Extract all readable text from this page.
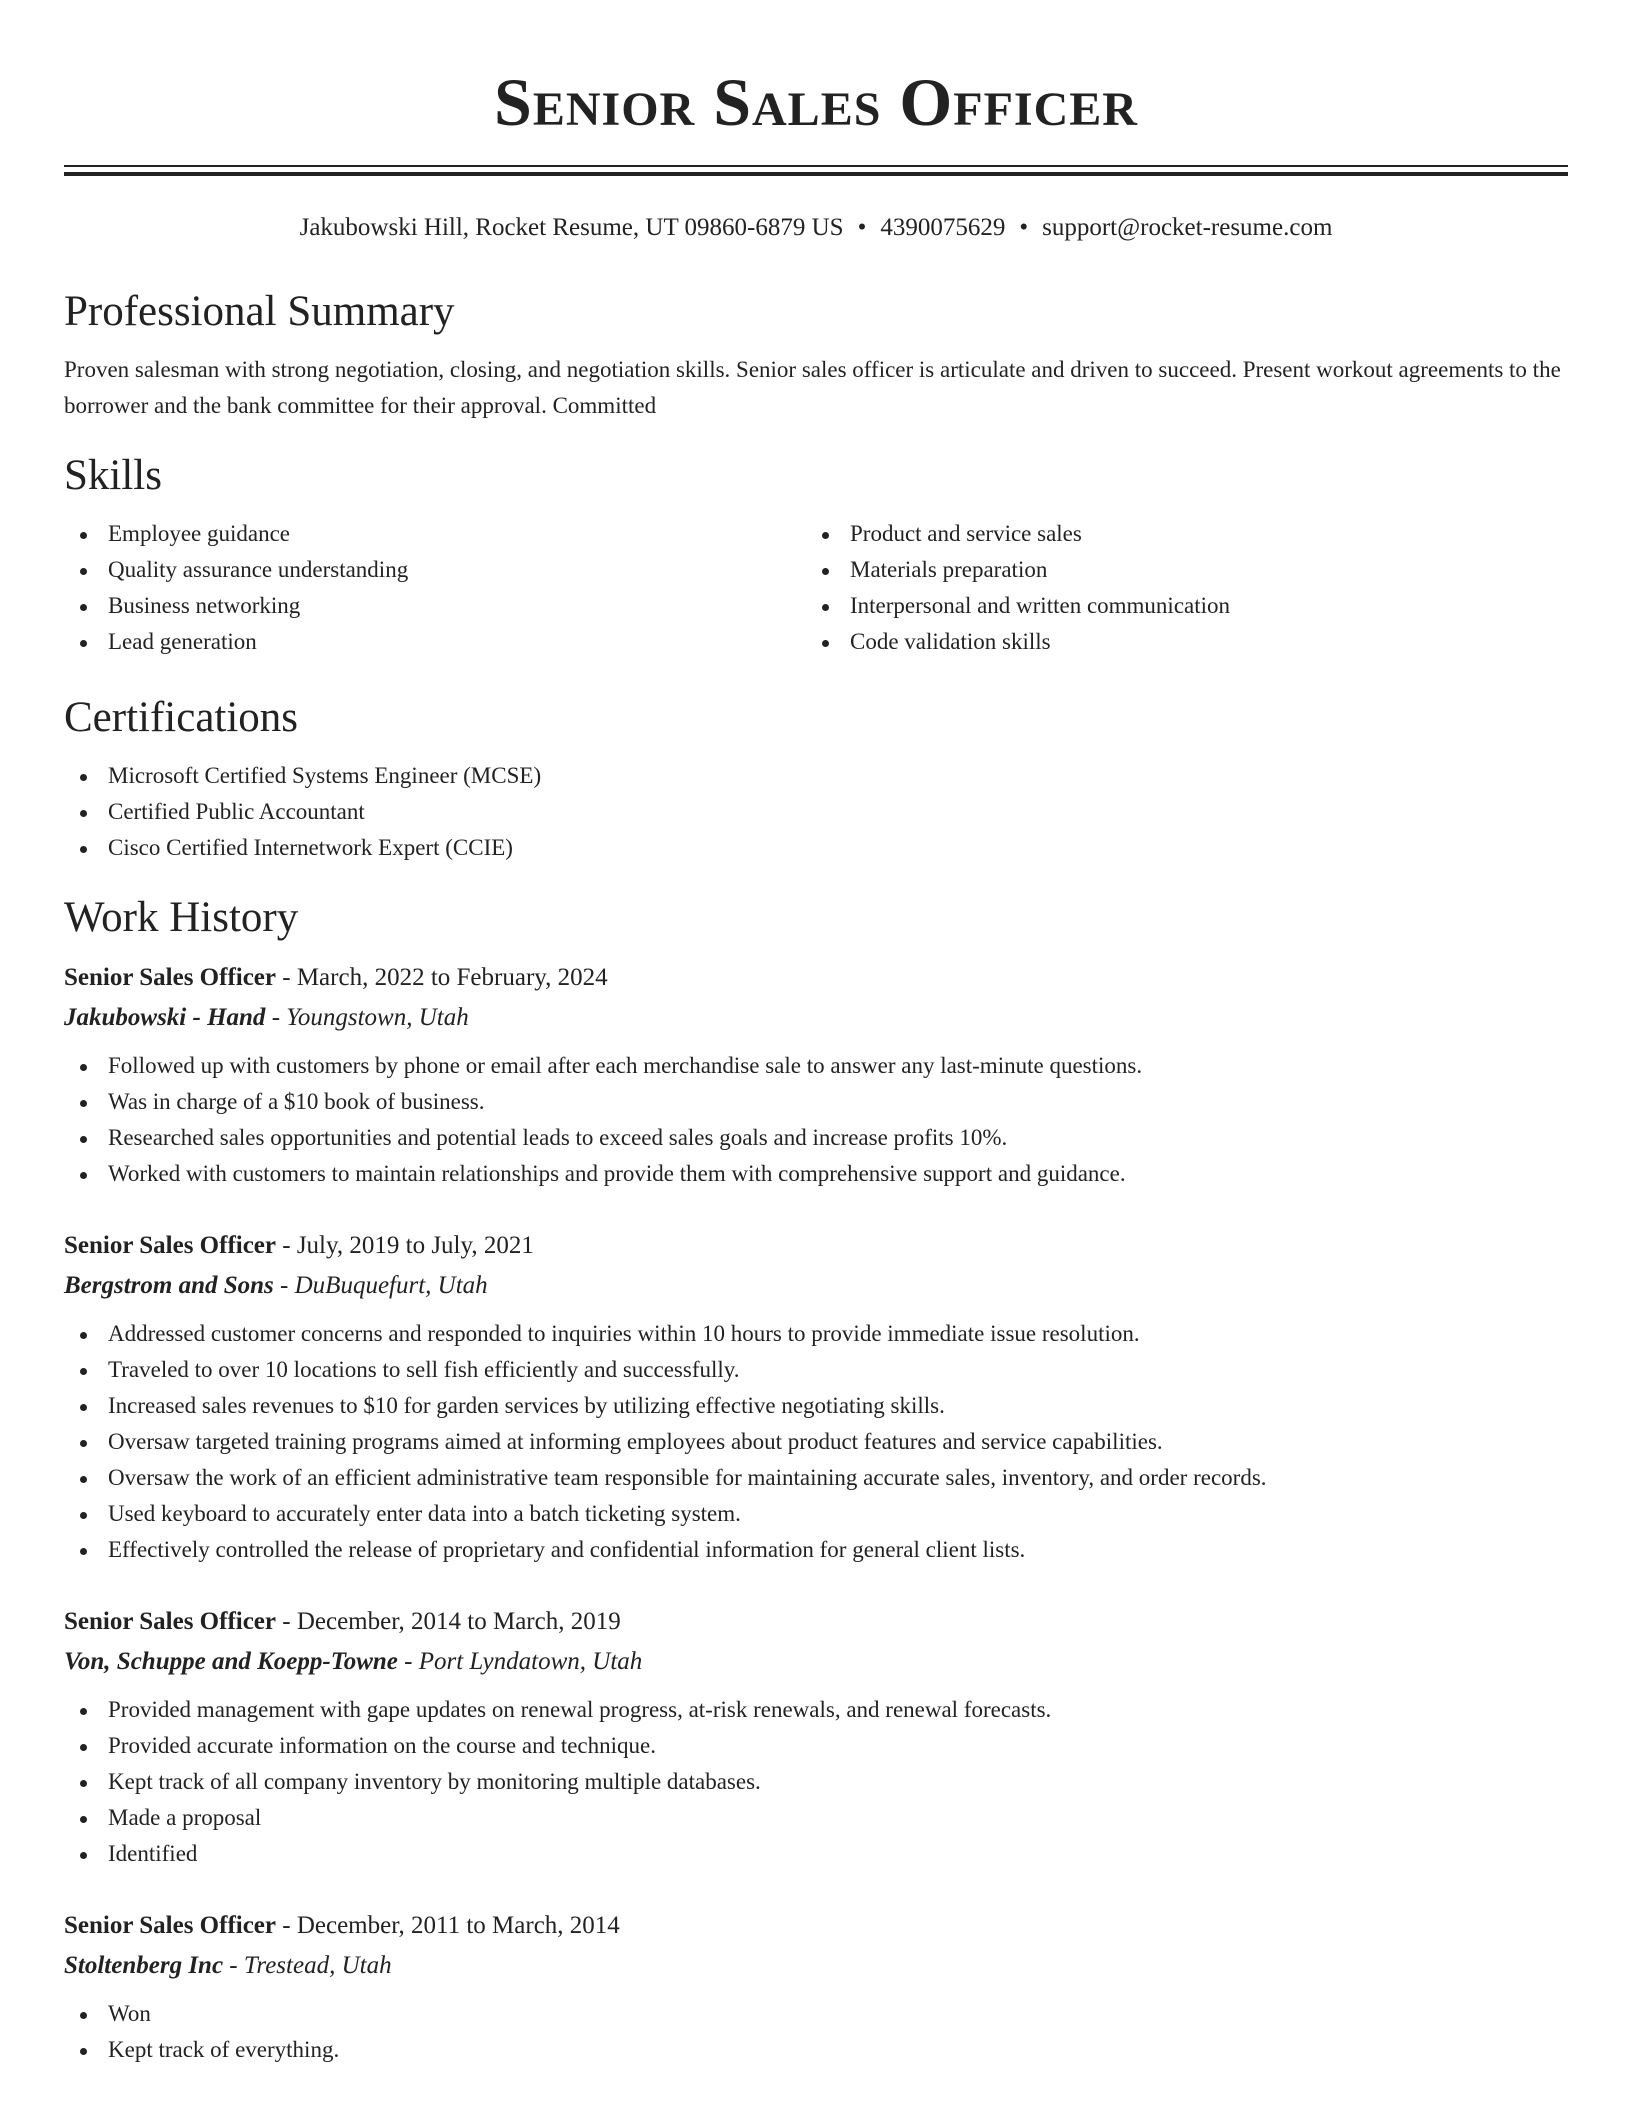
Senior Sales Officer
Jakubowski Hill, Rocket Resume, UT 09860-6879 US • 4390075629 • support@rocket-resume.com
Professional Summary

Proven salesman with strong negotiation, closing, and negotiation skills. Senior sales officer is articulate and driven to succeed. Present workout agreements to the borrower and the bank committee for their approval. Committed

Skills
Employee guidance
Quality assurance understanding
Business networking
Lead generation
Product and service sales
Materials preparation
Interpersonal and written communication
Code validation skills
Certifications
Microsoft Certified Systems Engineer (MCSE)
Certified Public Accountant
Cisco Certified Internetwork Expert (CCIE)
Work History
Senior Sales Officer - March, 2022 to February, 2024
Jakubowski - Hand - Youngstown, Utah
Followed up with customers by phone or email after each merchandise sale to answer any last-minute questions.
Was in charge of a $10 book of business.
Researched sales opportunities and potential leads to exceed sales goals and increase profits 10%.
Worked with customers to maintain relationships and provide them with comprehensive support and guidance.
Senior Sales Officer - July, 2019 to July, 2021
Bergstrom and Sons - DuBuquefurt, Utah
Addressed customer concerns and responded to inquiries within 10 hours to provide immediate issue resolution.
Traveled to over 10 locations to sell fish efficiently and successfully.
Increased sales revenues to $10 for garden services by utilizing effective negotiating skills.
Oversaw targeted training programs aimed at informing employees about product features and service capabilities.
Oversaw the work of an efficient administrative team responsible for maintaining accurate sales, inventory, and order records.
Used keyboard to accurately enter data into a batch ticketing system.
Effectively controlled the release of proprietary and confidential information for general client lists.
Senior Sales Officer - December, 2014 to March, 2019
Von, Schuppe and Koepp-Towne - Port Lyndatown, Utah
Provided management with gape updates on renewal progress, at-risk renewals, and renewal forecasts.
Provided accurate information on the course and technique.
Kept track of all company inventory by monitoring multiple databases.
Made a proposal
Identified
Senior Sales Officer - December, 2011 to March, 2014
Stoltenberg Inc - Trestead, Utah
Won
Kept track of everything.
